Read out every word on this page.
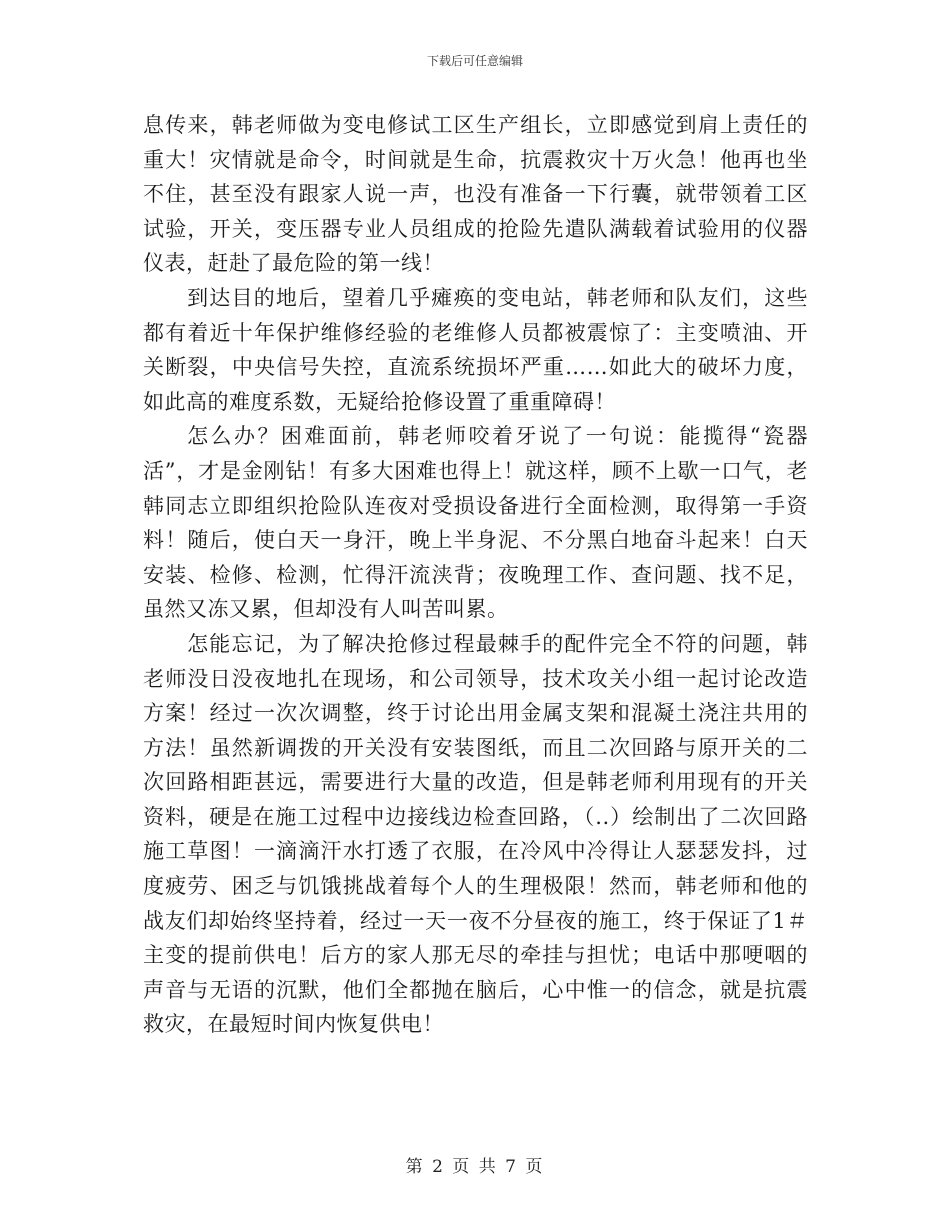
下载后可任意编辑

息传来，韩老师做为变电修试工区生产组长，立即感觉到肩上责任的重大！灾情就是命令，时间就是生命，抗震救灾十万火急！他再也坐不住，甚至没有跟家人说一声，也没有准备一下行囊，就带领着工区试验，开关，变压器专业人员组成的抢险先遣队满载着试验用的仪器仪表，赶赴了最危险的第一线！

到达目的地后，望着几乎瘫痪的变电站，韩老师和队友们，这些都有着近十年保护维修经验的老维修人员都被震惊了：主变喷油、开关断裂，中央信号失控，直流系统损坏严重……如此大的破坏力度，如此高的难度系数，无疑给抢修设置了重重障碍！

怎么办？困难面前，韩老师咬着牙说了一句说：能揽得“瓷器活”，才是金刚钻！有多大困难也得上！就这样，顾不上歇一口气，老韩同志立即组织抢险队连夜对受损设备进行全面检测，取得第一手资料！随后，使白天一身汗，晚上半身泥、不分黑白地奋斗起来！白天安装、检修、检测，忙得汗流浃背；夜晚理工作、查问题、找不足，虽然又冻又累，但却没有人叫苦叫累。

怎能忘记，为了解决抢修过程最棘手的配件完全不符的问题，韩老师没日没夜地扎在现场，和公司领导，技术攻关小组一起讨论改造方案！经过一次次调整，终于讨论出用金属支架和混凝土浇注共用的方法！虽然新调拨的开关没有安装图纸，而且二次回路与原开关的二次回路相距甚远，需要进行大量的改造，但是韩老师利用现有的开关资料，硬是在施工过程中边接线边检查回路，（..）绘制出了二次回路施工草图！一滴滴汗水打透了衣服，在冷风中冷得让人瑟瑟发抖，过度疲劳、困乏与饥饿挑战着每个人的生理极限！然而，韩老师和他的战友们却始终坚持着，经过一天一夜不分昼夜的施工，终于保证了1＃主变的提前供电！后方的家人那无尽的牵挂与担忧；电话中那哽咽的声音与无语的沉默，他们全都抛在脑后，心中惟一的信念，就是抗震救灾，在最短时间内恢复供电！

第 2 页 共 7 页
